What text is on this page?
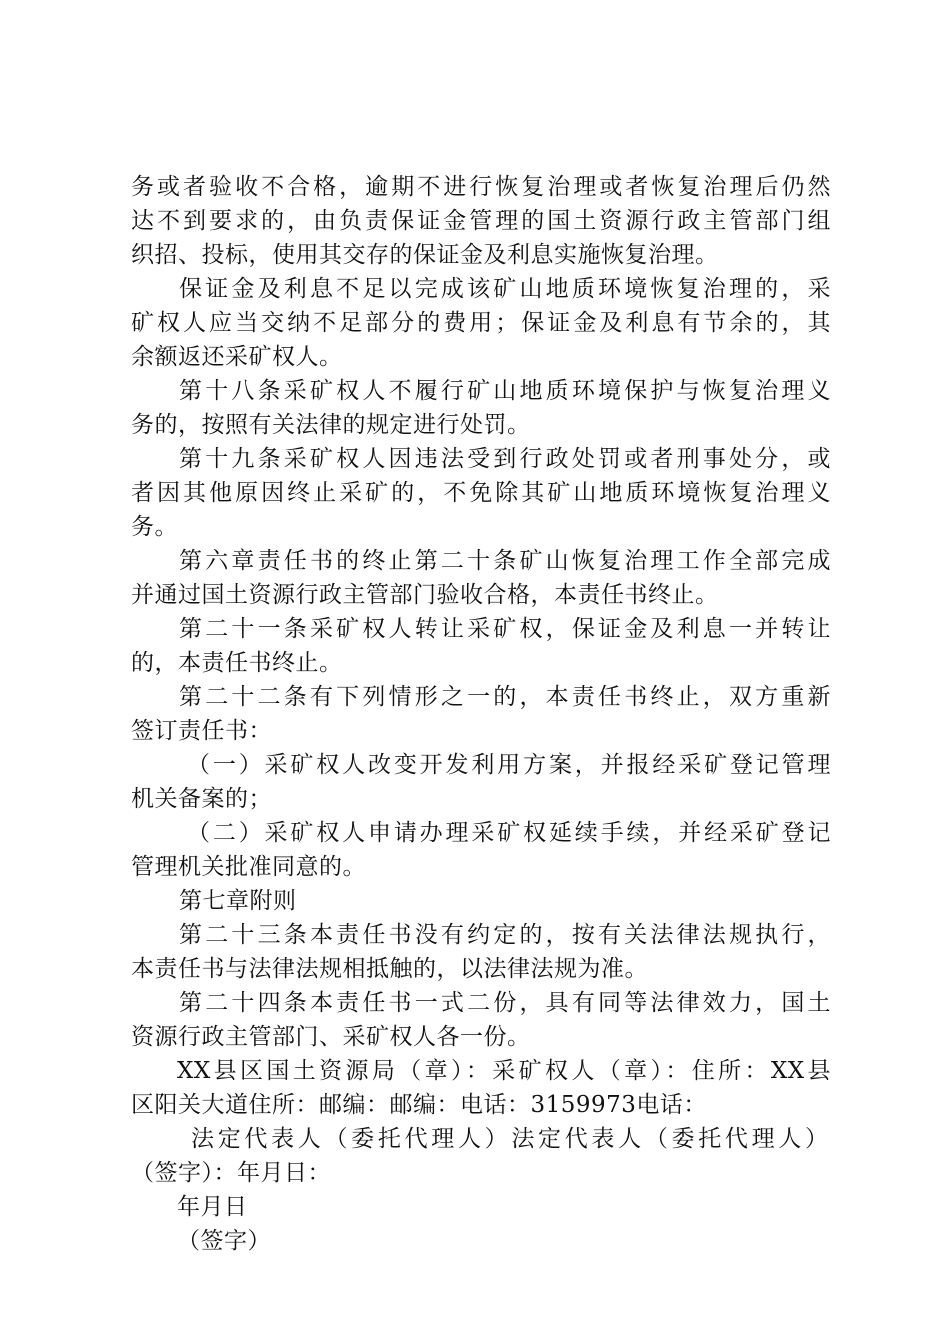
务或者验收不合格，逾期不进行恢复治理或者恢复治理后仍然
达不到要求的，由负责保证金管理的国土资源行政主管部门组
织招、投标，使用其交存的保证金及利息实施恢复治理。
保证金及利息不足以完成该矿山地质环境恢复治理的，采
矿权人应当交纳不足部分的费用；保证金及利息有节余的，其
余额返还采矿权人。
第十八条采矿权人不履行矿山地质环境保护与恢复治理义
务的，按照有关法律的规定进行处罚。
第十九条采矿权人因违法受到行政处罚或者刑事处分，或
者因其他原因终止采矿的，不免除其矿山地质环境恢复治理义
务。
第六章责任书的终止第二十条矿山恢复治理工作全部完成
并通过国土资源行政主管部门验收合格，本责任书终止。
第二十一条采矿权人转让采矿权，保证金及利息一并转让
的，本责任书终止。
第二十二条有下列情形之一的，本责任书终止，双方重新
签订责任书：
（一）采矿权人改变开发利用方案，并报经采矿登记管理
机关备案的；
（二）采矿权人申请办理采矿权延续手续，并经采矿登记
管理机关批准同意的。
第七章附则
第二十三条本责任书没有约定的，按有关法律法规执行，
本责任书与法律法规相抵触的，以法律法规为准。
第二十四条本责任书一式二份，具有同等法律效力，国土
资源行政主管部门、采矿权人各一份。
XX县区国土资源局（章）：采矿权人（章）：住所：XX县
区阳关大道住所：邮编：邮编：电话：3159973电话：
法定代表人（委托代理人）法定代表人（委托代理人）
（签字）：年月日：
年月日
（签字）
